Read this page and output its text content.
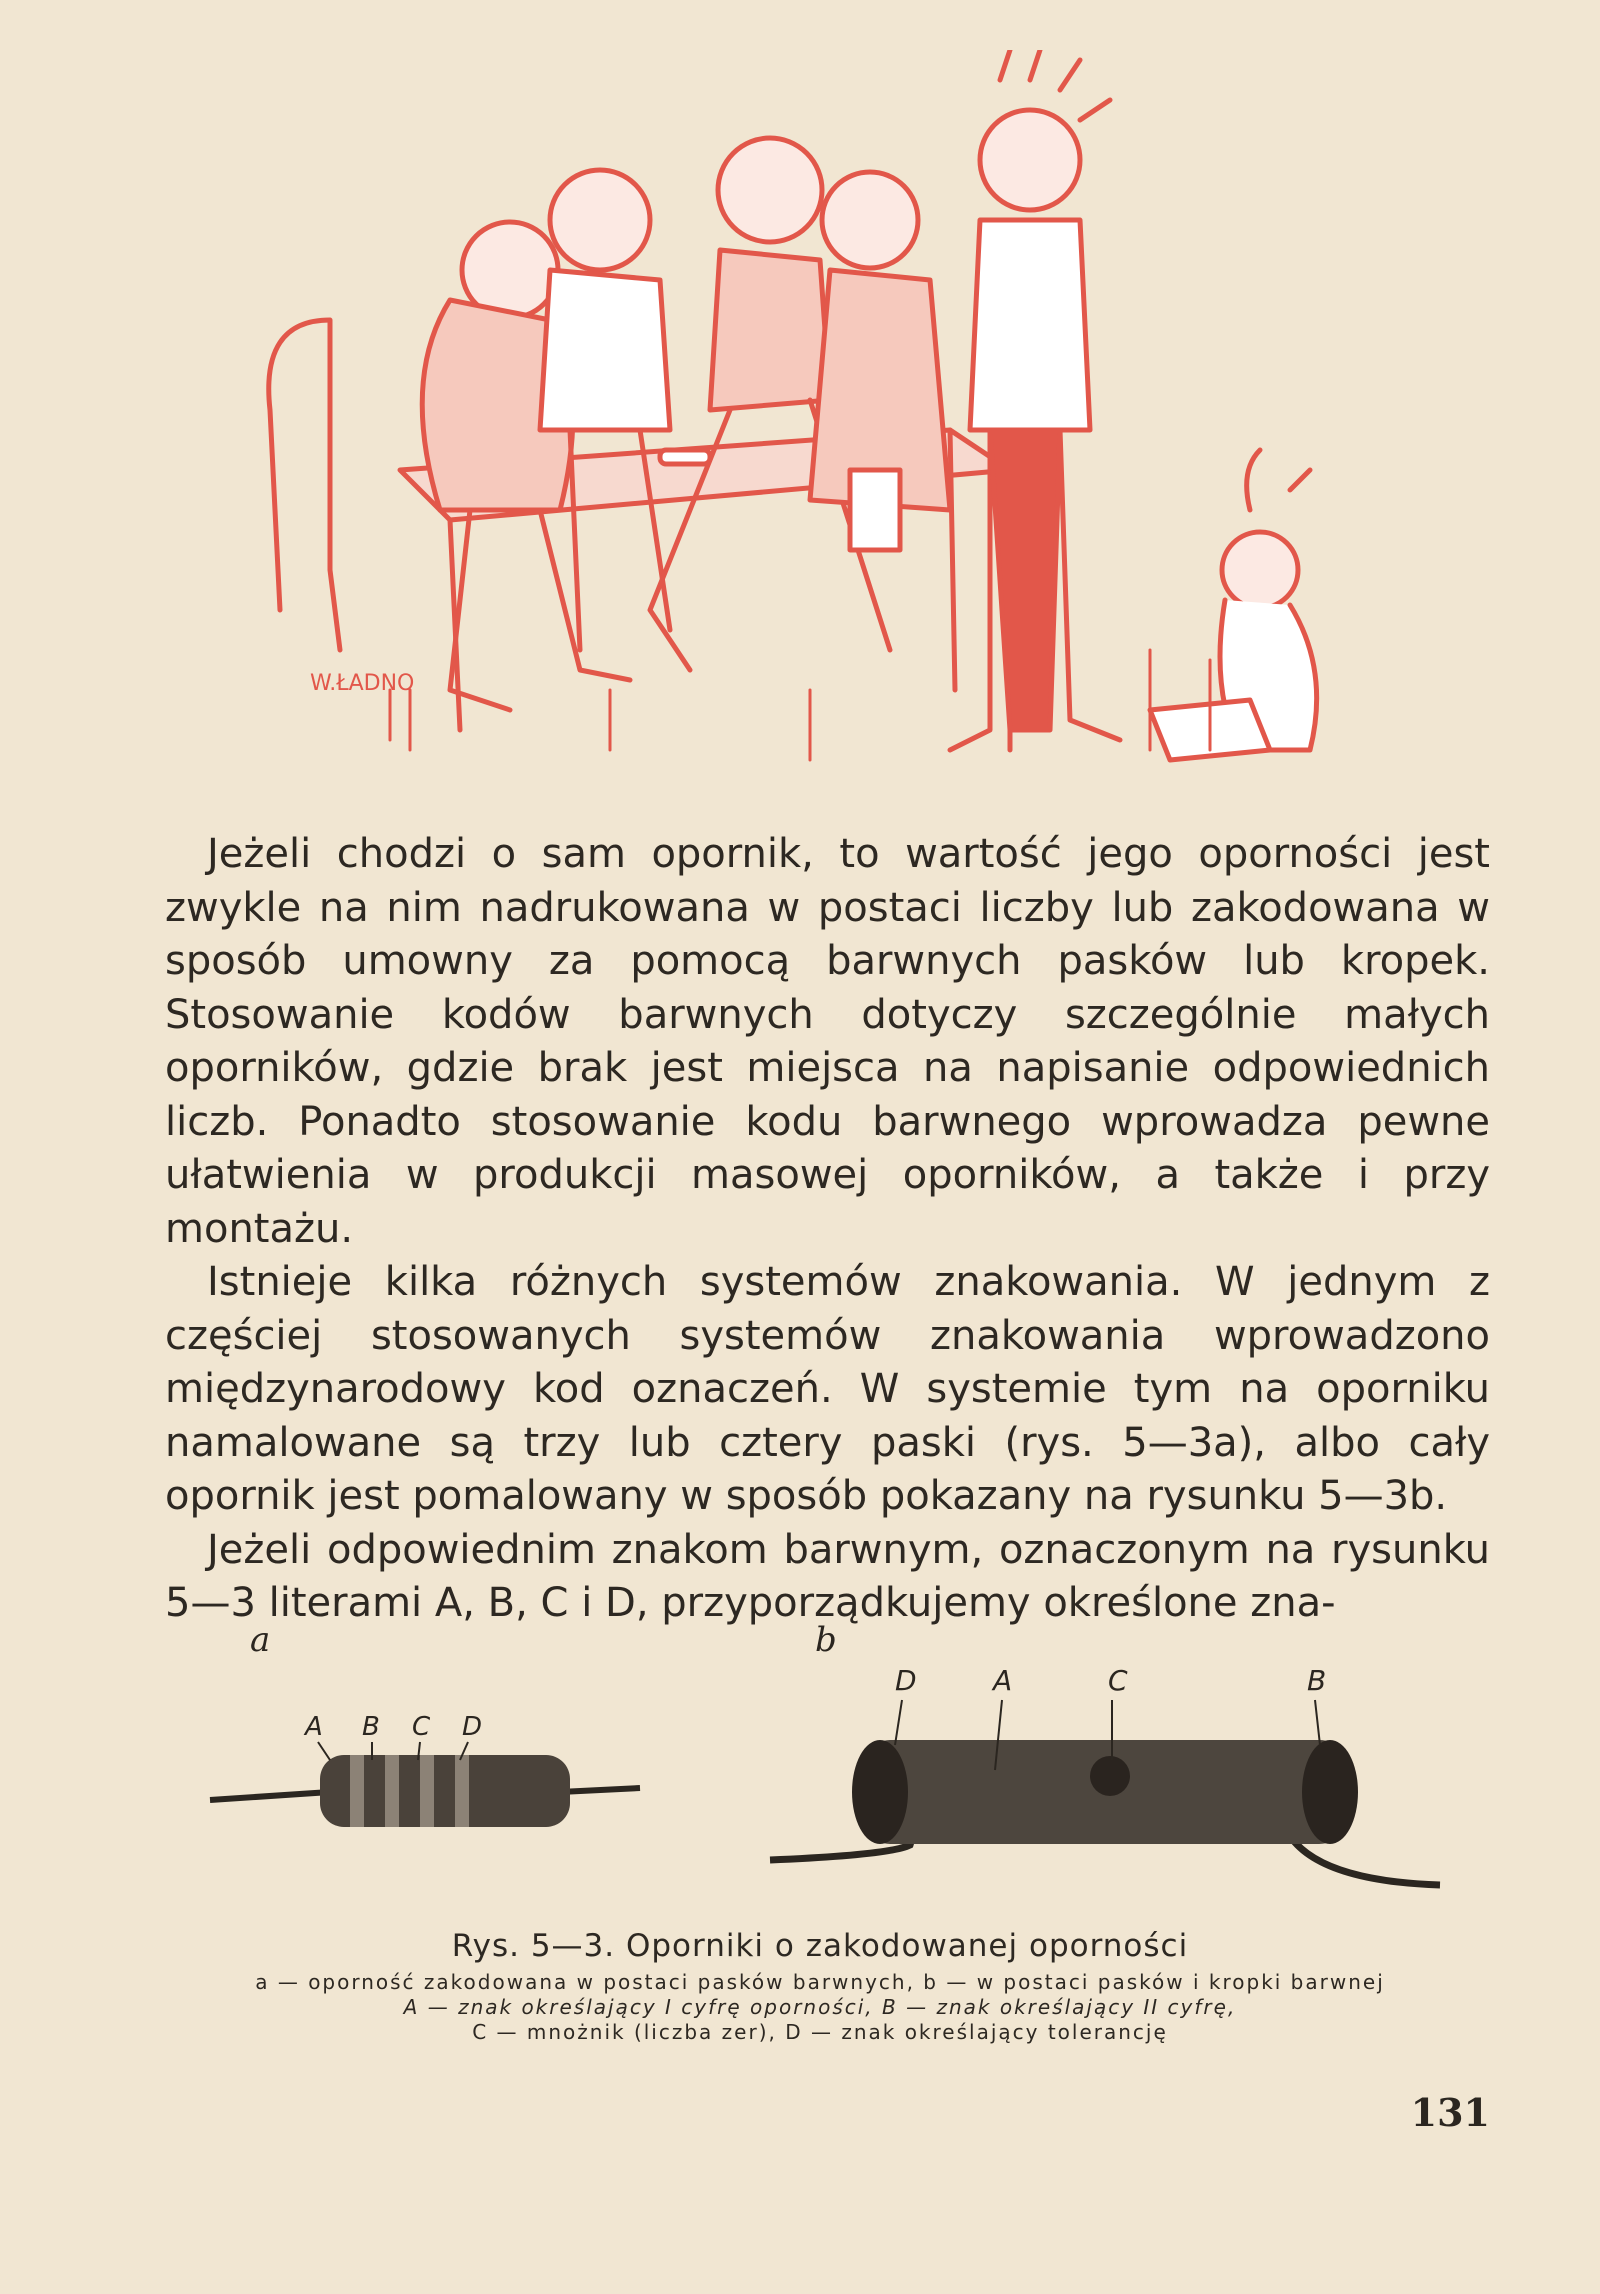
W.ŁADNO

Jeżeli chodzi o sam opornik, to wartość jego oporności jest zwykle na nim nadrukowana w postaci liczby lub zakodowana w sposób umowny za pomocą barwnych pasków lub kropek. Stosowanie kodów barwnych dotyczy szczególnie małych oporników, gdzie brak jest miejsca na napisanie odpowiednich liczb. Ponadto stosowanie kodu barwnego wprowadza pewne ułatwienia w produkcji masowej oporników, a także i przy montażu.

Istnieje kilka różnych systemów znakowania. W jednym z częściej stosowanych systemów znakowania wprowadzono międzynarodowy kod oznaczeń. W systemie tym na oporniku namalowane są trzy lub cztery paski (rys. 5—3a), albo cały opornik jest pomalowany w sposób pokazany na rysunku 5—3b.

Jeżeli odpowiednim znakom barwnym, oznaczonym na rysunku 5—3 literami A, B, C i D, przyporządkujemy określone zna-

a	b
A B C D
D	A	C	B
Rys. 5—3. Oporniki o zakodowanej oporności
a — oporność zakodowana w postaci pasków barwnych, b — w postaci pasków i kropki barwnej
A — znak określający I cyfrę oporności, B — znak określający II cyfrę,
C — mnożnik (liczba zer), D — znak określający tolerancję
131
